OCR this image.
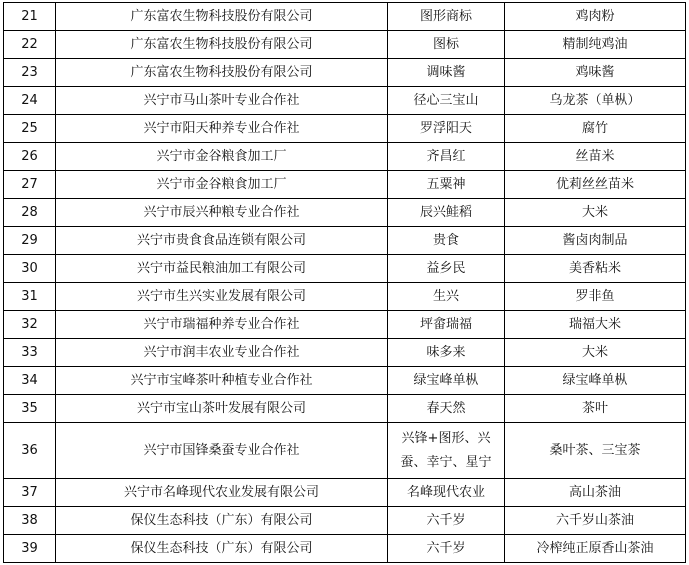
21	广东富农生物科技股份有限公司	图形商标	鸡肉粉
22	广东富农生物科技股份有限公司	图标	精制纯鸡油
23	广东富农生物科技股份有限公司	调味酱	鸡味酱
24	兴宁市马山茶叶专业合作社	径心三宝山	乌龙茶（单枞）
25	兴宁市阳天种养专业合作社	罗浮阳天	腐竹
26	兴宁市金谷粮食加工厂	齐昌红	丝苗米
27	兴宁市金谷粮食加工厂	五粟神	优莉丝丝苗米
28	兴宁市辰兴种粮专业合作社	辰兴鲑稻	大米
29	兴宁市贵食食品连锁有限公司	贵食	酱卤肉制品
30	兴宁市益民粮油加工有限公司	益乡民	美香粘米
31	兴宁市生兴实业发展有限公司	生兴	罗非鱼
32	兴宁市瑞福种养专业合作社	坪畲瑞福	瑞福大米
33	兴宁市润丰农业专业合作社	味多来	大米
34	兴宁市宝峰茶叶种植专业合作社	绿宝峰单枞	绿宝峰单枞
35	兴宁市宝山茶叶发展有限公司	春天然	茶叶
36	兴宁市国锋桑蚕专业合作社	兴锋+图形、兴蚕、幸宁、星宁	桑叶茶、三宝茶
37	兴宁市名峰现代农业发展有限公司	名峰现代农业	高山茶油
38	保仪生态科技（广东）有限公司	六千岁	六千岁山茶油
39	保仪生态科技（广东）有限公司	六千岁	冷榨纯正原香山茶油
